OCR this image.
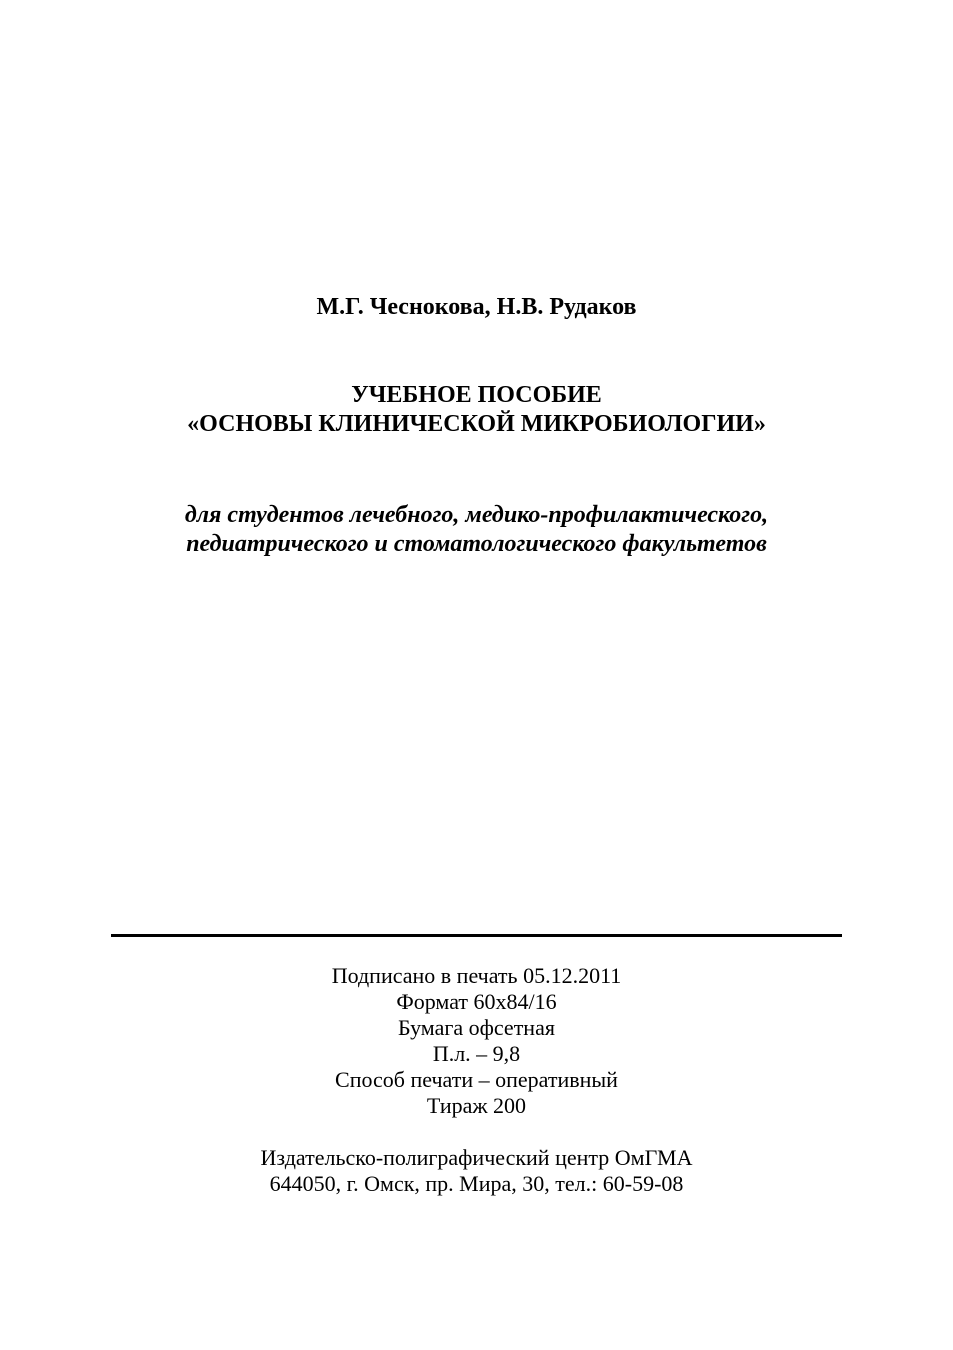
М.Г. Чеснокова, Н.В. Рудаков

УЧЕБНОЕ ПОСОБИЕ

«ОСНОВЫ КЛИНИЧЕСКОЙ МИКРОБИОЛОГИИ»

для студентов лечебного, медико-профилактического,

педиатрического и стоматологического факультетов

Подписано в печать 05.12.2011
Формат 60х84/16
Бумага офсетная
П.л. – 9,8
Способ печати – оперативный
Тираж 200
Издательско-полиграфический центр ОмГМА
644050, г. Омск, пр. Мира, 30, тел.: 60-59-08
